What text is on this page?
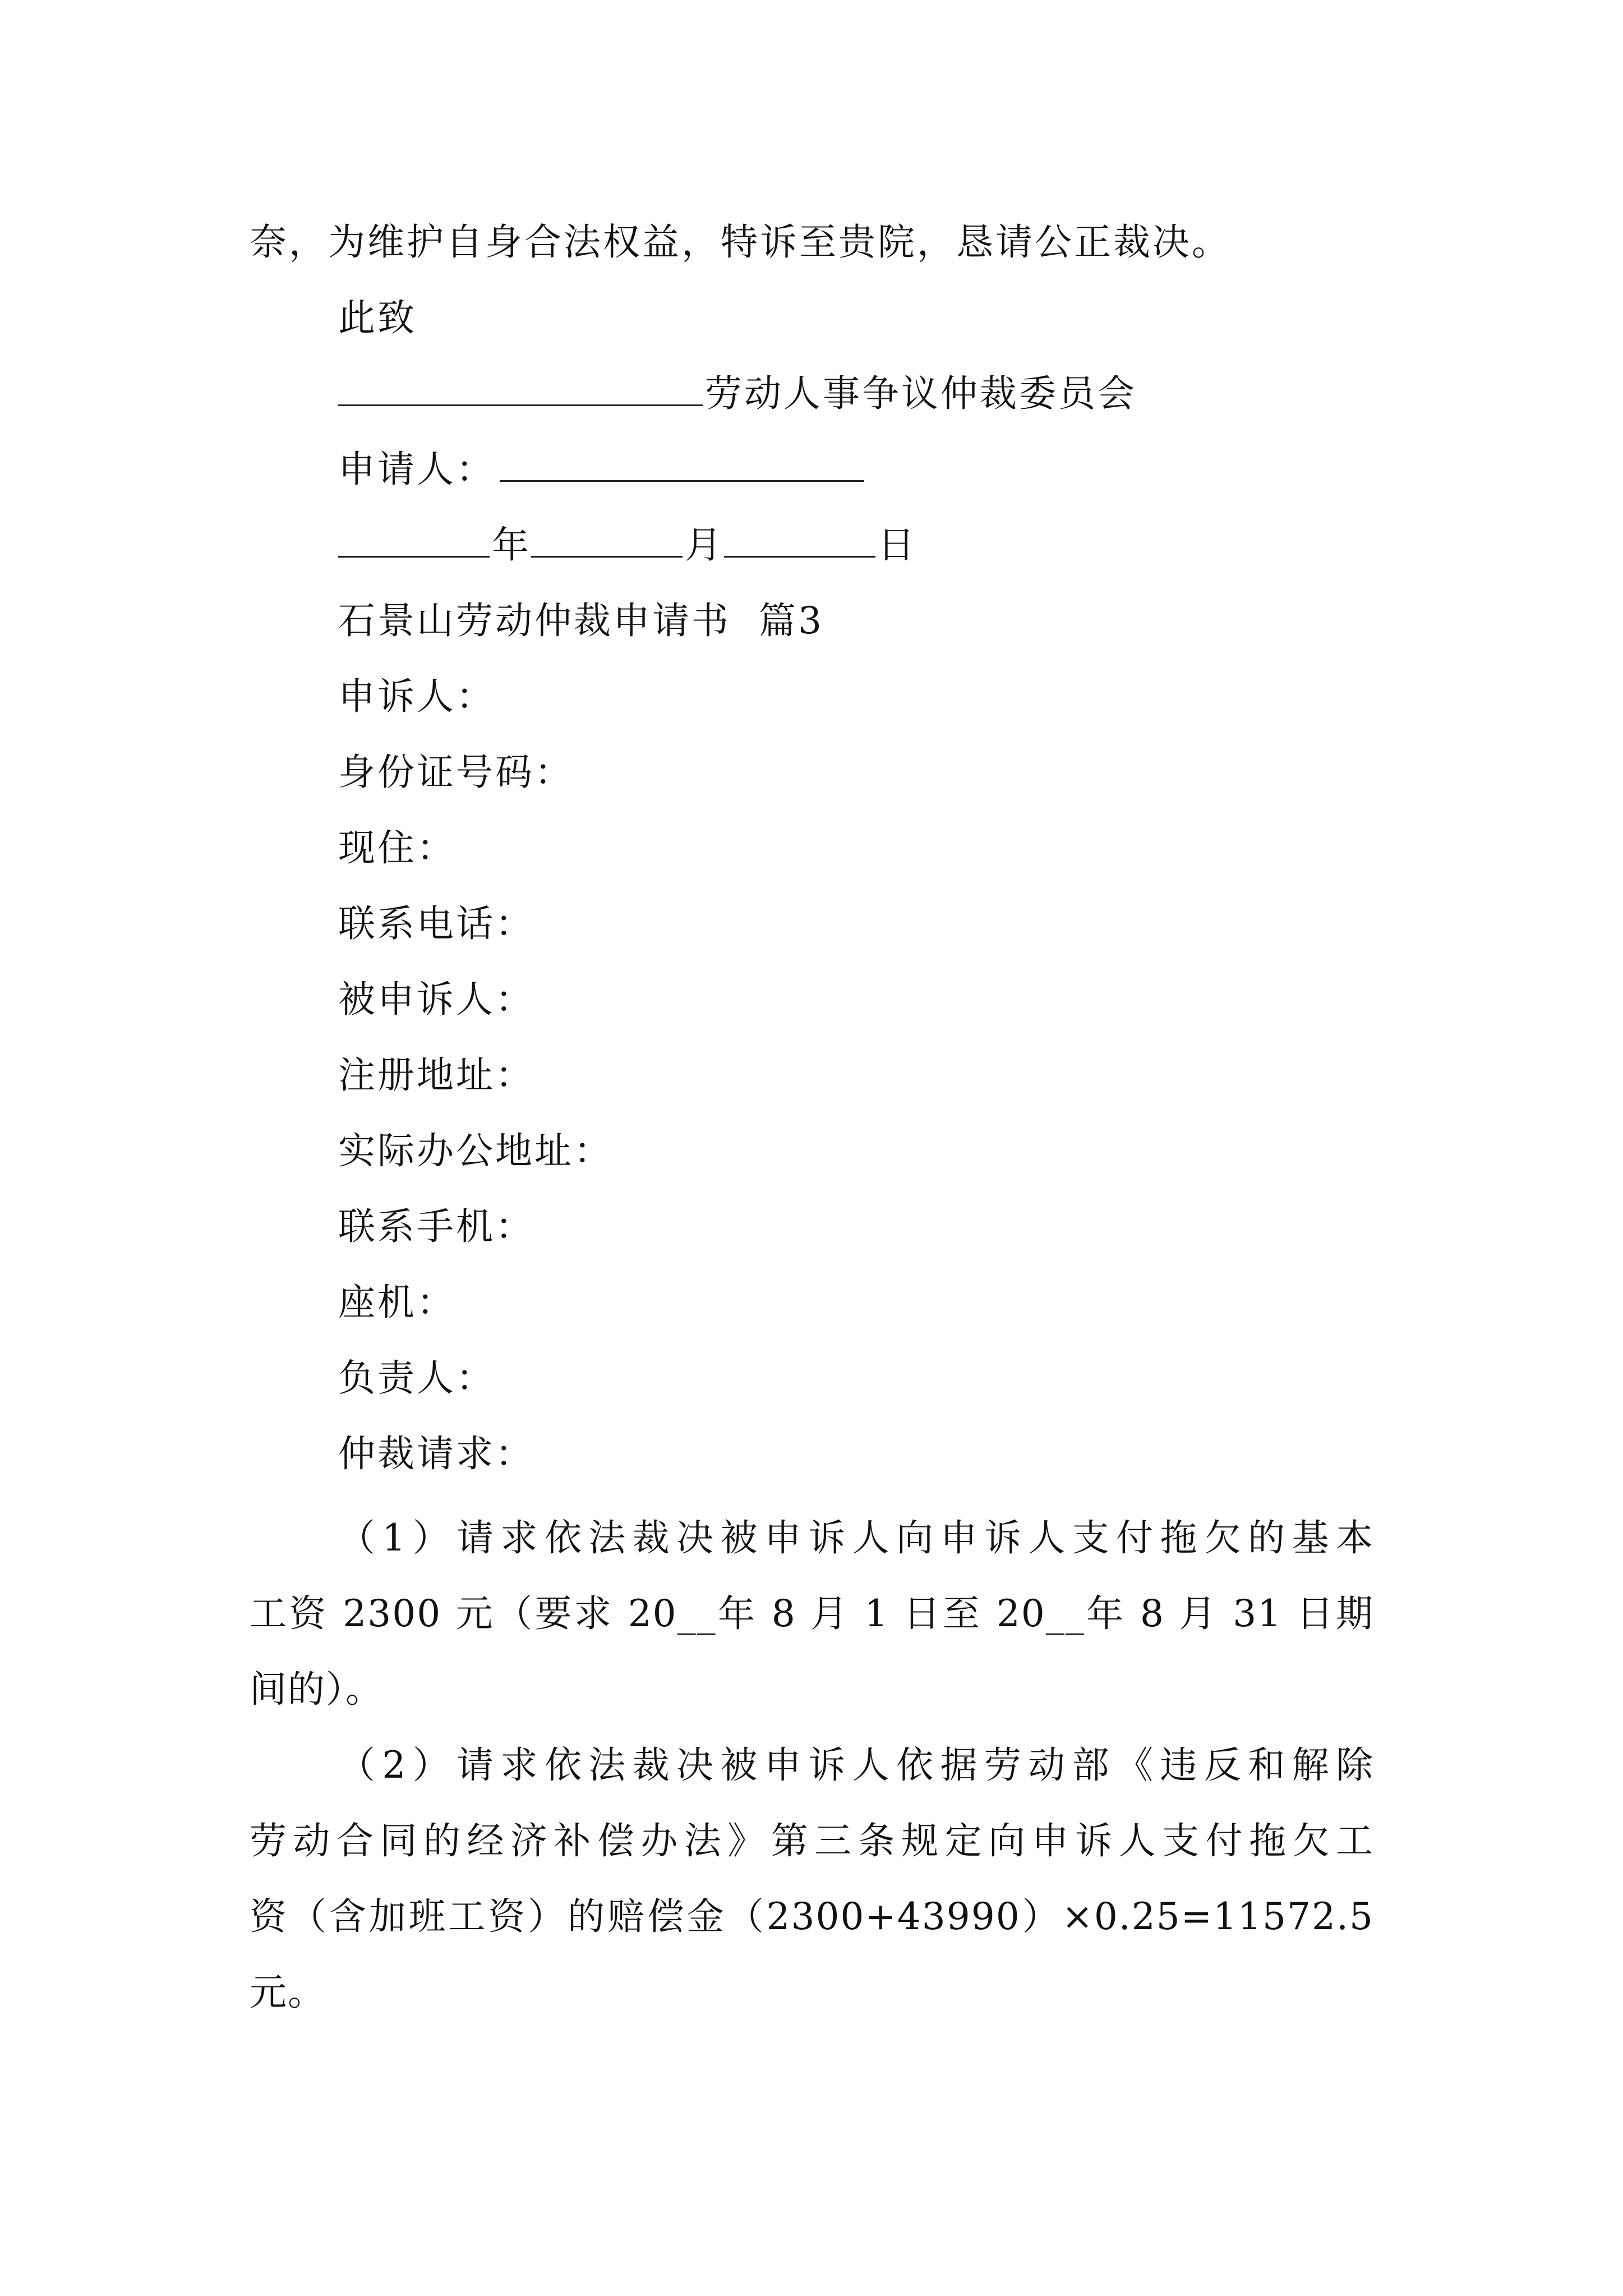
奈，为维护自身合法权益，特诉至贵院，恳请公正裁决。
此致
劳动人事争议仲裁委员会
申请人：
年	月	日
石景山劳动仲裁申请书  篇3
申诉人：
身份证号码：
现住：
联系电话：
被申诉人：
注册地址：
实际办公地址：
联系手机：
座机：
负责人：
仲裁请求：
（1）请求依法裁决被申诉人向申诉人支付拖欠的基本
工资 2300 元（要求 20__年 8 月 1 日至 20__年 8 月 31 日期
间的）。
（2）请求依法裁决被申诉人依据劳动部《违反和解除
劳动合同的经济补偿办法》第三条规定向申诉人支付拖欠工
资（含加班工资）的赔偿金（2300+43990）×0.25=11572.5
元。
